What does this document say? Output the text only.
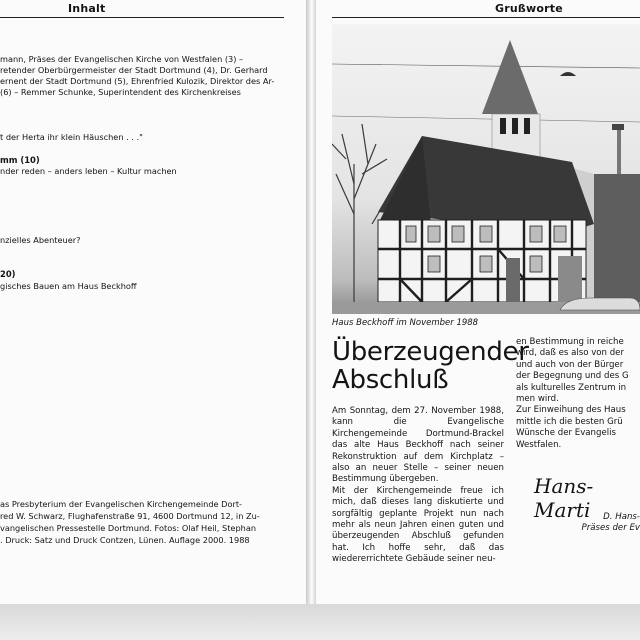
Inhalt
mann, Präses der Evangelischen Kirche von Westfalen (3) –
retender Oberbürgermeister der Stadt Dortmund (4), Dr. Gerhard
ernent der Stadt Dortmund (5), Ehrenfried Kulozik, Direktor des Ar-
(6) – Remmer Schunke, Superintendent des Kirchenkreises
t der Herta ihr klein Häuschen . . ."
mm (10)
nder reden – anders leben – Kultur machen
nzielles Abenteuer?
20)
gisches Bauen am Haus Beckhoff
as Presbyterium der Evangelischen Kirchengemeinde Dort-
red W. Schwarz, Flughafenstraße 91, 4600 Dortmund 12, in Zu-
vangelischen Pressestelle Dortmund. Fotos: Olaf Heil, Stephan
. Druck: Satz und Druck Contzen, Lünen. Auflage 2000. 1988
Grußworte
Haus Beckhoff im November 1988
Überzeugender
Abschluß

Am Sonntag, dem 27. November 1988, kann die Evangelische Kirchengemeinde Dortmund-Brackel das alte Haus Beckhoff nach seiner Rekonstruktion auf dem Kirchplatz – also an neuer Stelle – seiner neuen Bestimmung übergeben.

Mit der Kirchengemeinde freue ich mich, daß dieses lang diskutierte und sorgfältig geplante Projekt nun nach mehr als neun Jahren einen guten und überzeugenden Abschluß gefunden hat. Ich hoffe sehr, daß das wiedererrichtete Gebäude seiner neu-

en Bestimmung in reiche
wird, daß es also von der
und auch von der Bürger
der Begegnung und des G
als kulturelles Zentrum in
men wird.
Zur Einweihung des Haus
mittle ich die besten Grü
Wünsche der Evangelis
Westfalen.
Hans-Marti	D. Hans-
Präses der Ev
